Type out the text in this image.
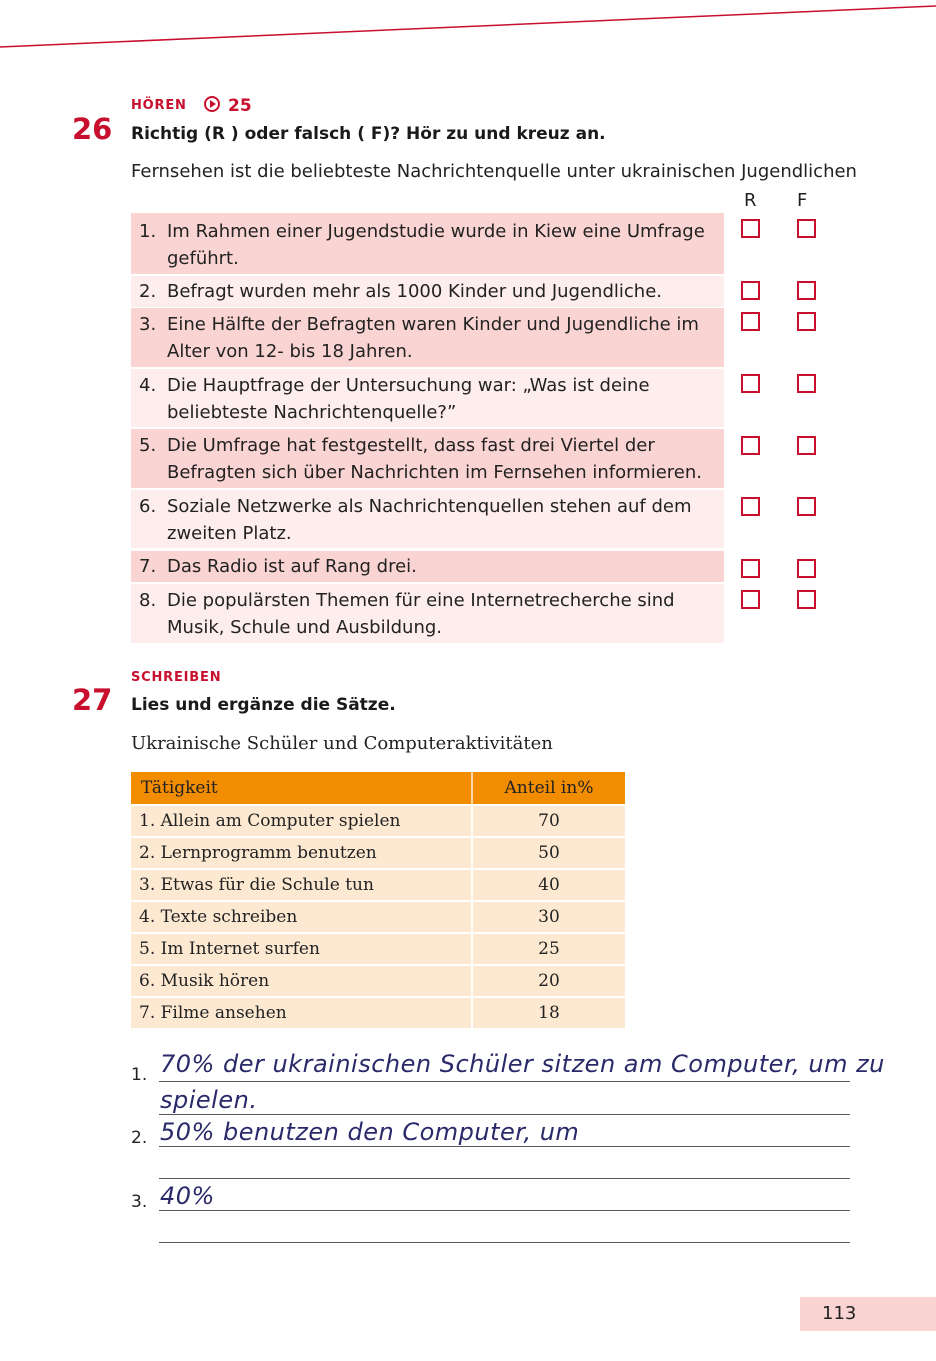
HÖREN	25
26 Richtig (R ) oder falsch ( F)? Hör zu und kreuz an.
Fernsehen ist die beliebteste Nachrichtenquelle unter ukrainischen Jugendlichen
R F
1. Im Rahmen einer Jugendstudie wurde in Kiew eine Umfrage geführt.
2. Befragt wurden mehr als 1000 Kinder und Jugendliche.
3. Eine Hälfte der Befragten waren Kinder und Jugendliche im Alter von 12- bis 18 Jahren.
4. Die Hauptfrage der Untersuchung war: „Was ist deine beliebteste Nachrichtenquelle?”
5. Die Umfrage hat festgestellt, dass fast drei Viertel der Befragten sich über Nachrichten im Fernsehen informieren.
6. Soziale Netzwerke als Nachrichtenquellen stehen auf dem zweiten Platz.
7. Das Radio ist auf Rang drei.
8. Die populärsten Themen für eine Internetrecherche sind Musik, Schule und Ausbildung.
SCHREIBEN
27 Lies und ergänze die Sätze.
Ukrainische Schüler und Computeraktivitäten
Tätigkeit	Anteil in%
1. Allein am Computer spielen	70
2. Lernprogramm benutzen	50
3. Etwas für die Schule tun	40
4. Texte schreiben	30
5. Im Internet surfen	25
6. Musik hören	20
7. Filme ansehen	18
1. 70% der ukrainischen Schüler sitzen am Computer, um zu
spielen.
2. 50% benutzen den Computer, um
3. 40%
113
